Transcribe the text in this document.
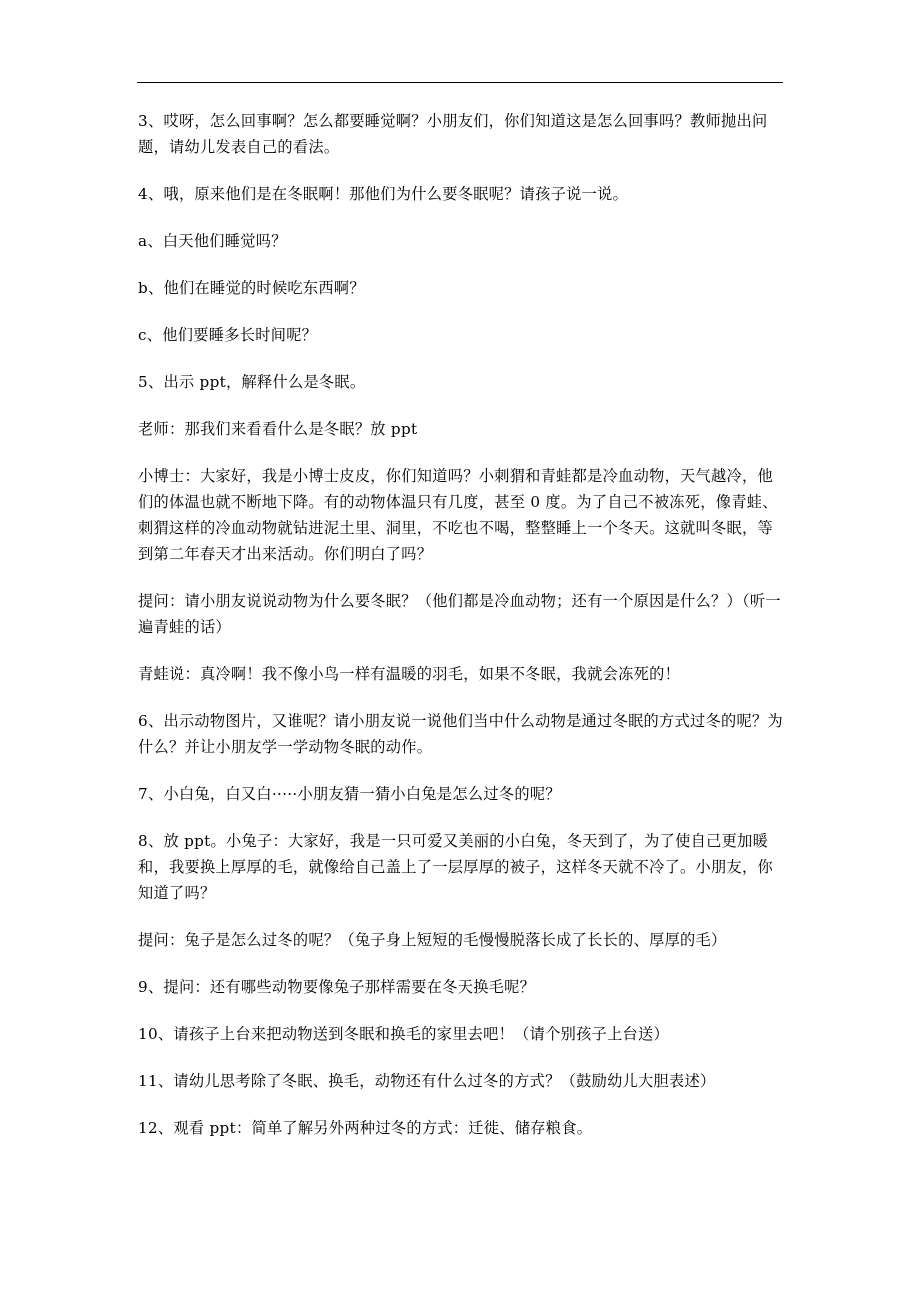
3、哎呀，怎么回事啊？怎么都要睡觉啊？小朋友们，你们知道这是怎么回事吗？教师抛出问题，请幼儿发表自己的看法。

4、哦，原来他们是在冬眠啊！那他们为什么要冬眠呢？请孩子说一说。

a、白天他们睡觉吗？

b、他们在睡觉的时候吃东西啊？

c、他们要睡多长时间呢？

5、出示 ppt，解释什么是冬眠。

老师：那我们来看看什么是冬眠？放 ppt

小博士：大家好，我是小博士皮皮，你们知道吗？小刺猬和青蛙都是冷血动物，天气越冷，他们的体温也就不断地下降。有的动物体温只有几度，甚至 0 度。为了自己不被冻死，像青蛙、刺猬这样的冷血动物就钻进泥土里、洞里，不吃也不喝，整整睡上一个冬天。这就叫冬眠，等到第二年春天才出来活动。你们明白了吗？

提问：请小朋友说说动物为什么要冬眠？（他们都是冷血动物；还有一个原因是什么？）（听一遍青蛙的话）

青蛙说：真冷啊！我不像小鸟一样有温暖的羽毛，如果不冬眠，我就会冻死的！

6、出示动物图片，又谁呢？请小朋友说一说他们当中什么动物是通过冬眠的方式过冬的呢？为什么？并让小朋友学一学动物冬眠的动作。

7、小白兔，白又白·····小朋友猜一猜小白兔是怎么过冬的呢？

8、放 ppt。小兔子：大家好，我是一只可爱又美丽的小白兔，冬天到了，为了使自己更加暖和，我要换上厚厚的毛，就像给自己盖上了一层厚厚的被子，这样冬天就不冷了。小朋友，你知道了吗？

提问：兔子是怎么过冬的呢？（兔子身上短短的毛慢慢脱落长成了长长的、厚厚的毛）

9、提问：还有哪些动物要像兔子那样需要在冬天换毛呢？

10、请孩子上台来把动物送到冬眠和换毛的家里去吧！（请个别孩子上台送）

11、请幼儿思考除了冬眠、换毛，动物还有什么过冬的方式？（鼓励幼儿大胆表述）

12、观看 ppt：简单了解另外两种过冬的方式：迁徙、储存粮食。
